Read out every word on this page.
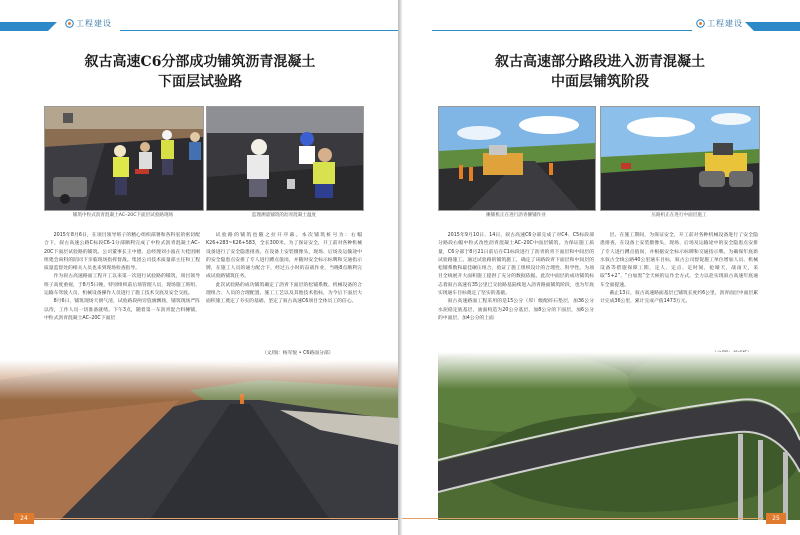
工程建设
叙古高速C6分部成功铺筑沥青混凝土
下面层试验路
铺筑中粒式沥青混凝土AC–20C下面层试验路现场	监理测量铺筑的沥青混凝土温度

2015年8月6日，在项目领导班子的精心组织部署和各科室的密切配合下，叙古高速公路C标段C6-1分部顺利完成了中粒式沥青混凝土AC–20C下面层试验路的铺筑。公司董事长王中德、总经理刘小波在大桂团刚组建会尚科的陪同下亲临现场指挥督战。集团公司技术质量部主任和工程质量监督处的相关人员也来到现场检查指导。

作为叙古高速路面工程开工以来第一次进行试验路的铺筑，项目领导班子高度重视，于8月5日晚，特别组织前后场管理人员、现场施工班组、运输车驾驶人员、机械设备操作人员进行了施工技术交底及安全交底。

8月6日，铺筑现场天朗气清，试验路段两旁旌旗飘扬，铺筑现场严阵以待，工作人员一切准备就绪。下午3点，随着第一车沥青混合料摊铺，中粒式沥青混凝土AC–20C下面层

试验路的铺筑也随之拉开序幕。本次铺筑桩号为：右幅K26+283~K26+583，全长300米。为了保证安全，开工前对各种机械设备进行了安全隐患排查。在设备上安装摄像头，现场、后场及运输途中的安全隐患点安排了专人进行蹲点值岗，并随时安全标示标牌和交通指示牌，在施工人员的通力配合下，经过五小时的奋战作业，当晚8点顺利完成试验路铺筑任务。

此次试验路的成功铺筑确定了沥青下面层的松铺系数、机械设备的合理组合、人员的合理配置、施工工艺以及其他技术指标，为今后下面层大面积施工奠定了夯实的基础，坚定了叙古高速C6项目全体员工的信心。

（文/图：杨军悦 • C6路面分部）
24
工程建设
叙古高速部分路段进入沥青混凝土
中面层铺筑阶段
摊铺机正在进行沥青摊铺作业	压路机正在进行中面层施工

2015年9月10日、14日，叙古高速C6分部完成了对C4、C5标段部分路段右幅中粒式改性沥青混凝土AC–20C中面层铺筑。为保证施工质量，C6分部于8月21日前后在C1标段进行了沥青的青下面层和中间层的试验路施工。通过试验路的铺筑施工，确定了该路段青下面层和中间层的松铺系数和最佳碾压组合，验证了施工组织设计的合理性、科学性。为项目全线展开大面积施工提供了充分的数据依据。此次中面层的成功铺筑标志着叙古高速有35公里已交验路基陆续进入沥青路面铺筑阶段，也为年底实现通车目标奠定了坚实的基础。

叙古高速路面工程采用的是15公分（厚）级配碎石垫层，加36公分水泥稳定底基层，油面构造为20公分基层，加8公分的下面层，加6公分的中面层，加4公分的上面

层。在施工期间，为保证安全，开工前对各种机械设备进行了安全隐患排查，在设备上安装摄像头，现场、后场及运输途中的安全隐患点安排了专人进行蹲点值岗，并根据安全标示标牌和交通指示牌。为确保年底新水叙古全线公路40公里通车目标，叙古公司督促施工单位增加人员、机械设备等措施保障工期，定人、定点、定时间，抢晴天，战雨天，采取“5+2”、“白加黑”全天候的运作全方式，全力以赴实现叙古高速年底通车全面提速。

截止13日，叙古高速路面基层已铺筑长度约6公里，沥青面层中面层累计完成36公里，累计完成产值1473万元。

25
